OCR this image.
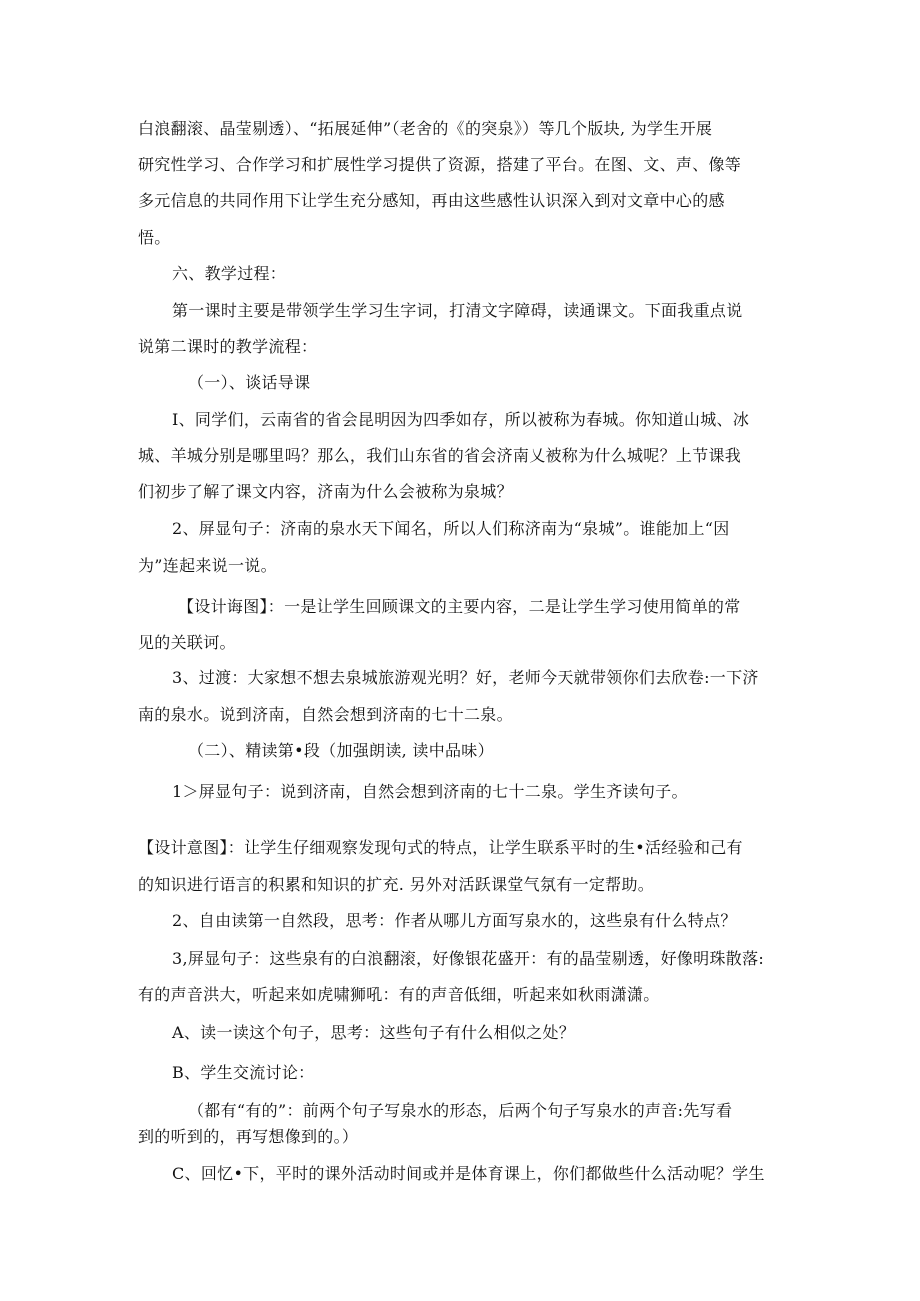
白浪翻滚、晶莹剔透）、“拓展延伸”（老舍的《的突泉》）等几个版块, 为学生开展
研究性学习、合作学习和扩展性学习提供了资源，搭建了平台。在图、文、声、像等
多元信息的共同作用下让学生充分感知，再由这些感性认识深入到对文章中心的感
悟。
六、教学过程：
第一课时主要是带领学生学习生字词，打清文字障碍，读通课文。下面我重点说
说第二课时的教学流程：
（一）、谈话导课
I、同学们，云南省的省会昆明因为四季如存，所以被称为春城。你知道山城、冰
城、羊城分别是哪里吗？那么，我们山东省的省会济南乂被称为什么城呢？上节课我
们初步了解了课文内容，济南为什么会被称为泉城？
2、屏显句子：济南的泉水天下闻名，所以人们称济南为“泉城”。谁能加上“因
为”连起来说一说。
【设计诲图】：一是让学生回顾课文的主要内容，二是让学生学习使用简单的常
见的关联诃。
3、过渡：大家想不想去泉城旅游观光明？好，老师今天就带领你们去欣卷:一下济
南的泉水。说到济南，自然会想到济南的七十二泉。
（二）、精读第•段（加强朗读, 读中品味）
1＞屏显句子：说到济南，自然会想到济南的七十二泉。学生齐读句子。
【设计意图】：让学生仔细观察发现句式的特点，让学生联系平时的生•活经验和己有
的知识进行语言的积累和知识的扩充. 另外对活跃课堂气氛有一定帮助。
2、自由读第一自然段，思考：作者从哪儿方面写泉水的，这些泉有什么特点？
3,屏显句子：这些泉有的白浪翻滚，好像银花盛开：有的晶莹剔透，好像明珠散落:
有的声音洪大，听起来如虎啸狮吼：有的声音低细，听起来如秋雨潇潇。
A、读一读这个句子，思考：这些句子有什么相似之处？
B、学生交流讨论：
（都有“有的”：前两个句子写泉水的形态，后两个句子写泉水的声音:先写看
到的听到的，再写想像到的。）
C、回忆•下，平时的课外活动时间或并是体育课上，你们都做些什么活动呢？学生
